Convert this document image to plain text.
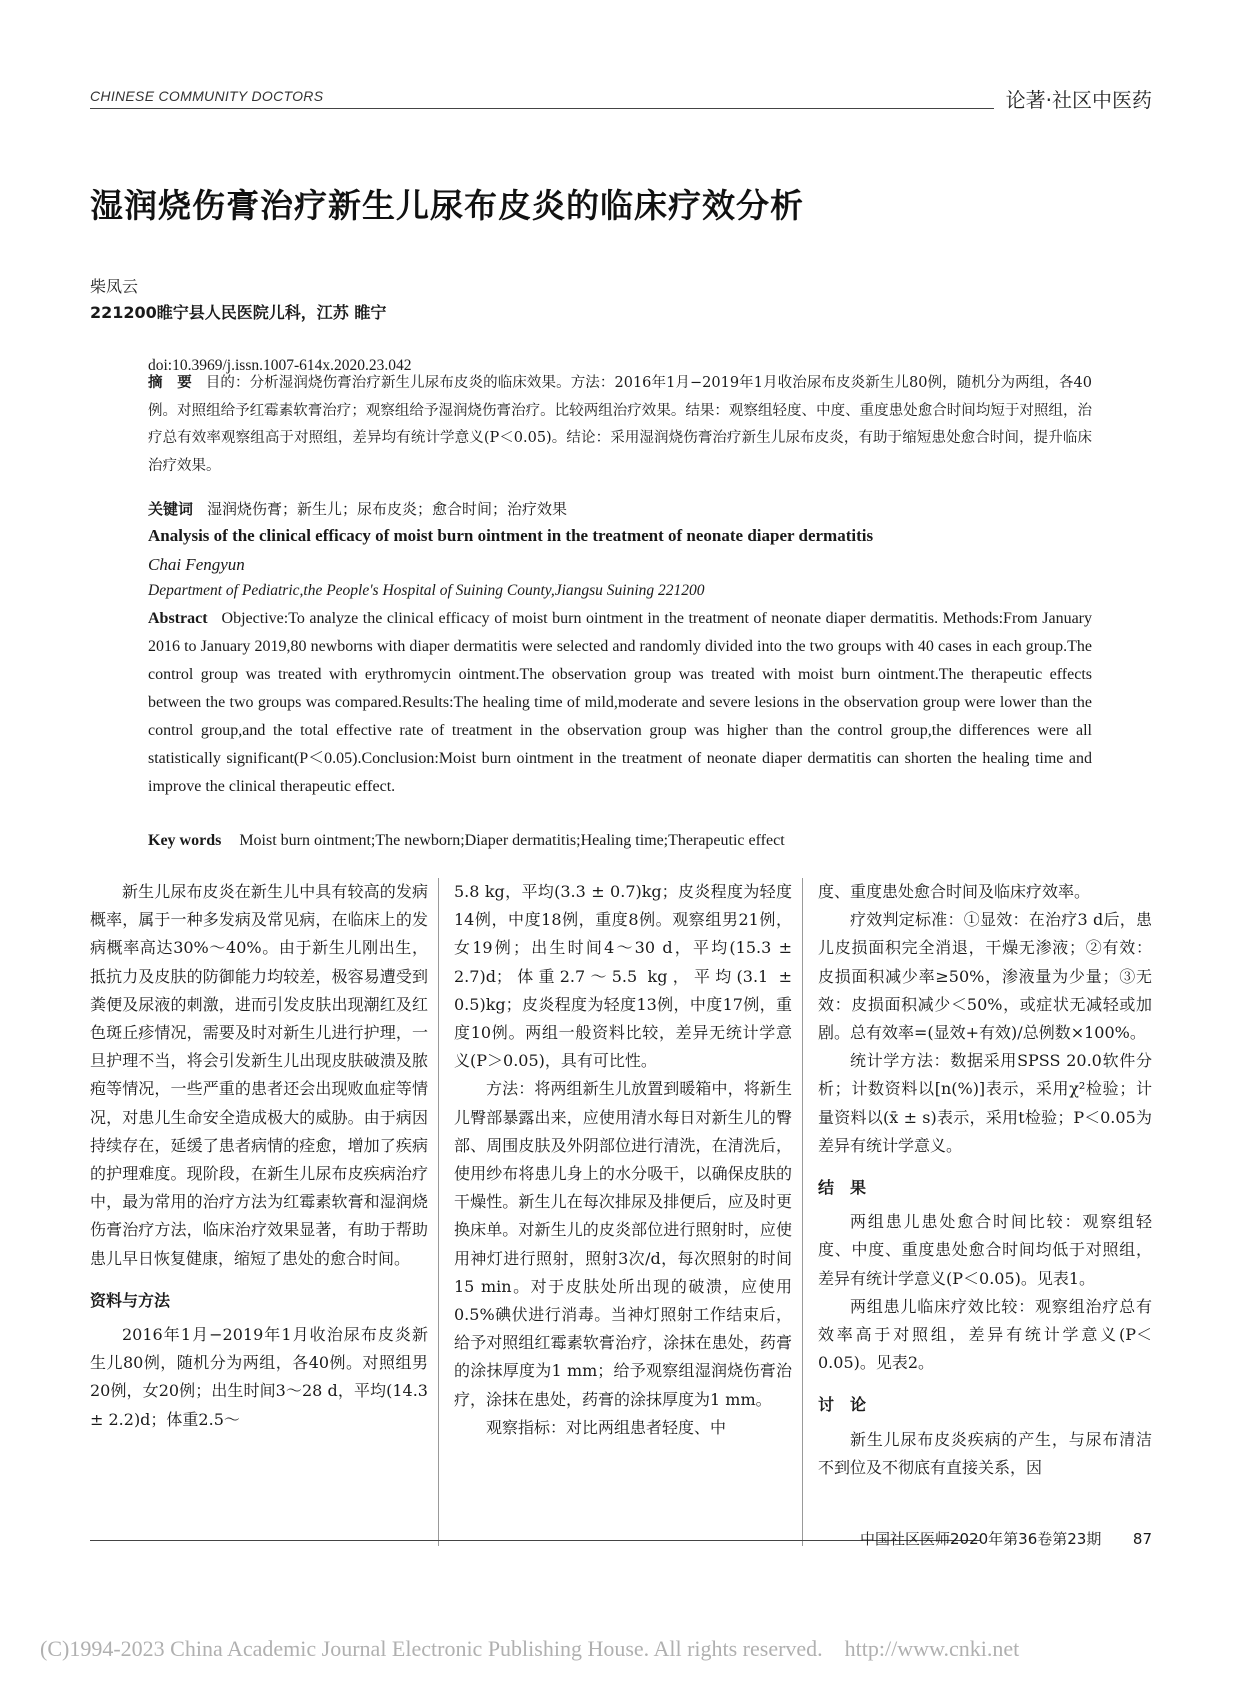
CHINESE COMMUNITY DOCTORS	论著·社区中医药
湿润烧伤膏治疗新生儿尿布皮炎的临床疗效分析
柴凤云
221200睢宁县人民医院儿科，江苏 睢宁
doi:10.3969/j.issn.1007-614x.2020.23.042
摘　要 目的：分析湿润烧伤膏治疗新生儿尿布皮炎的临床效果。方法：2016年1月−2019年1月收治尿布皮炎新生儿80例，随机分为两组，各40例。对照组给予红霉素软膏治疗；观察组给予湿润烧伤膏治疗。比较两组治疗效果。结果：观察组轻度、中度、重度患处愈合时间均短于对照组，治疗总有效率观察组高于对照组，差异均有统计学意义(P＜0.05)。结论：采用湿润烧伤膏治疗新生儿尿布皮炎，有助于缩短患处愈合时间，提升临床治疗效果。
关键词 湿润烧伤膏；新生儿；尿布皮炎；愈合时间；治疗效果
Analysis of the clinical efficacy of moist burn ointment in the treatment of neonate diaper dermatitis
Chai Fengyun
Department of Pediatric,the People's Hospital of Suining County,Jiangsu Suining 221200
Abstract Objective:To analyze the clinical efficacy of moist burn ointment in the treatment of neonate diaper dermatitis. Methods:From January 2016 to January 2019,80 newborns with diaper dermatitis were selected and randomly divided into the two groups with 40 cases in each group.The control group was treated with erythromycin ointment.The observation group was treated with moist burn ointment.The therapeutic effects between the two groups was compared.Results:The healing time of mild,moderate and severe lesions in the observation group were lower than the control group,and the total effective rate of treatment in the observation group was higher than the control group,the differences were all statistically significant(P＜0.05).Conclusion:Moist burn ointment in the treatment of neonate diaper dermatitis can shorten the healing time and improve the clinical therapeutic effect.
Key words Moist burn ointment;The newborn;Diaper dermatitis;Healing time;Therapeutic effect

新生儿尿布皮炎在新生儿中具有较高的发病概率，属于一种多发病及常见病，在临床上的发病概率高达30%～40%。由于新生儿刚出生，抵抗力及皮肤的防御能力均较差，极容易遭受到粪便及尿液的刺激，进而引发皮肤出现潮红及红色斑丘疹情况，需要及时对新生儿进行护理，一旦护理不当，将会引发新生儿出现皮肤破溃及脓疱等情况，一些严重的患者还会出现败血症等情况，对患儿生命安全造成极大的威胁。由于病因持续存在，延缓了患者病情的痊愈，增加了疾病的护理难度。现阶段，在新生儿尿布皮疾病治疗中，最为常用的治疗方法为红霉素软膏和湿润烧伤膏治疗方法，临床治疗效果显著，有助于帮助患儿早日恢复健康，缩短了患处的愈合时间。

资料与方法

2016年1月−2019年1月收治尿布皮炎新生儿80例，随机分为两组，各40例。对照组男20例，女20例；出生时间3～28 d，平均(14.3 ± 2.2)d；体重2.5～

5.8 kg，平均(3.3 ± 0.7)kg；皮炎程度为轻度14例，中度18例，重度8例。观察组男21例，女19例；出生时间4～30 d，平均(15.3 ± 2.7)d；体重2.7～5.5 kg，平均(3.1 ± 0.5)kg；皮炎程度为轻度13例，中度17例，重度10例。两组一般资料比较，差异无统计学意义(P＞0.05)，具有可比性。

方法：将两组新生儿放置到暖箱中，将新生儿臀部暴露出来，应使用清水每日对新生儿的臀部、周围皮肤及外阴部位进行清洗，在清洗后，使用纱布将患儿身上的水分吸干，以确保皮肤的干燥性。新生儿在每次排尿及排便后，应及时更换床单。对新生儿的皮炎部位进行照射时，应使用神灯进行照射，照射3次/d，每次照射的时间15 min。对于皮肤处所出现的破溃，应使用0.5%碘伏进行消毒。当神灯照射工作结束后，给予对照组红霉素软膏治疗，涂抹在患处，药膏的涂抹厚度为1 mm；给予观察组湿润烧伤膏治疗，涂抹在患处，药膏的涂抹厚度为1 mm。

观察指标：对比两组患者轻度、中

度、重度患处愈合时间及临床疗效率。

疗效判定标准：①显效：在治疗3 d后，患儿皮损面积完全消退，干燥无渗液；②有效：皮损面积减少率≥50%，渗液量为少量；③无效：皮损面积减少＜50%，或症状无减轻或加剧。总有效率=(显效+有效)/总例数×100%。

统计学方法：数据采用SPSS 20.0软件分析；计数资料以[n(%)]表示，采用χ²检验；计量资料以(x̄ ± s)表示，采用t检验；P＜0.05为差异有统计学意义。

结　果

两组患儿患处愈合时间比较：观察组轻度、中度、重度患处愈合时间均低于对照组，差异有统计学意义(P＜0.05)。见表1。

两组患儿临床疗效比较：观察组治疗总有效率高于对照组，差异有统计学意义(P＜0.05)。见表2。

讨　论

新生儿尿布皮炎疾病的产生，与尿布清洁不到位及不彻底有直接关系，因

中国社区医师2020年第36卷第23期 87
(C)1994-2023 China Academic Journal Electronic Publishing House. All rights reserved.　http://www.cnki.net
